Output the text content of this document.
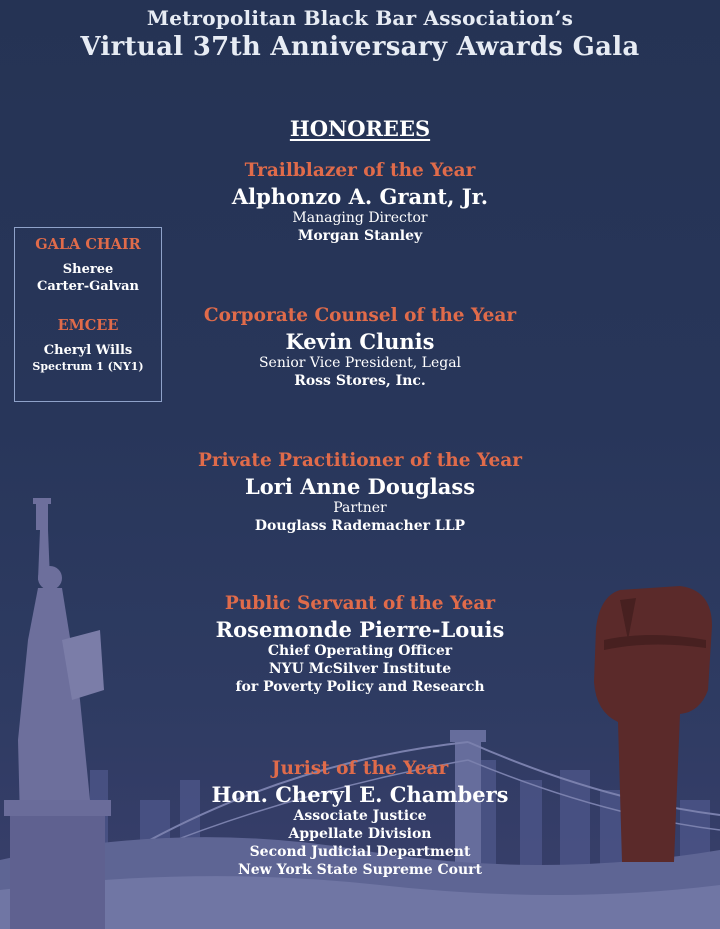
Metropolitan Black Bar Association’s
Virtual 37th Anniversary Awards Gala
HONOREES
GALA CHAIR
Sheree
Carter-Galvan
EMCEE
Cheryl Wills
Spectrum 1 (NY1)
Trailblazer of the Year
Alphonzo A. Grant, Jr.
Managing Director
Morgan Stanley
Corporate Counsel of the Year
Kevin Clunis
Senior Vice President, Legal
Ross Stores, Inc.
Private Practitioner of the Year
Lori Anne Douglass
Partner
Douglass Rademacher LLP
Public Servant of the Year
Rosemonde Pierre-Louis
Chief Operating Officer
NYU McSilver Institute
for Poverty Policy and Research
Jurist of the Year
Hon. Cheryl E. Chambers
Associate Justice
Appellate Division
Second Judicial Department
New York State Supreme Court
